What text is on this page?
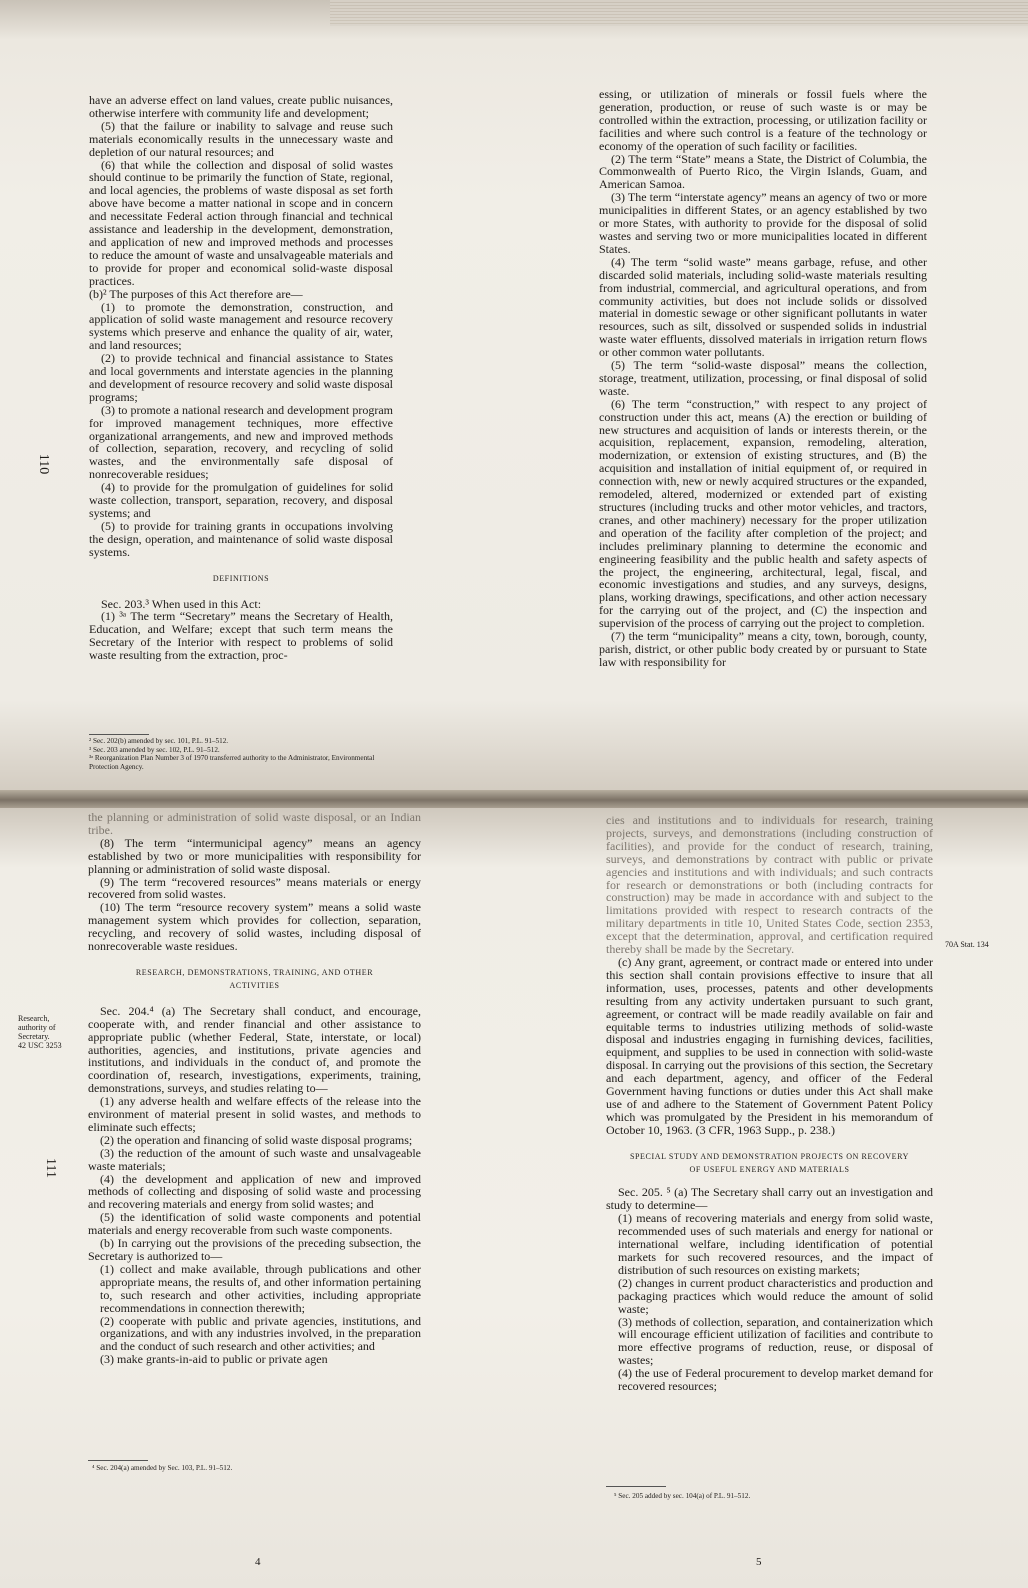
have an adverse effect on land values, create public nuisances, otherwise interfere with community life and development;

(5) that the failure or inability to salvage and reuse such materials economically results in the unnecessary waste and depletion of our natural resources; and

(6) that while the collection and disposal of solid wastes should continue to be primarily the function of State, regional, and local agencies, the problems of waste disposal as set forth above have become a matter national in scope and in concern and necessitate Federal action through financial and technical assistance and leadership in the development, demonstration, and application of new and improved methods and processes to reduce the amount of waste and unsalvageable materials and to provide for proper and economical solid-waste disposal practices.

(b)² The purposes of this Act therefore are—

(1) to promote the demonstration, construction, and application of solid waste management and resource recovery systems which preserve and enhance the quality of air, water, and land resources;

(2) to provide technical and financial assistance to States and local governments and interstate agencies in the planning and development of resource recovery and solid waste disposal programs;

(3) to promote a national research and development program for improved management techniques, more effective organizational arrangements, and new and improved methods of collection, separation, recovery, and recycling of solid wastes, and the environmentally safe disposal of nonrecoverable residues;

(4) to provide for the promulgation of guidelines for solid waste collection, transport, separation, recovery, and disposal systems; and

(5) to provide for training grants in occupations involving the design, operation, and maintenance of solid waste disposal systems.

DEFINITIONS

Sec. 203.³ When used in this Act:

(1) ³ᵃ The term “Secretary” means the Secretary of Health, Education, and Welfare; except that such term means the Secretary of the Interior with respect to problems of solid waste resulting from the extraction, proc-

² Sec. 202(b) amended by sec. 101, P.L. 91–512.
³ Sec. 203 amended by sec. 102, P.L. 91–512.
³ᵃ Reorganization Plan Number 3 of 1970 transferred authority to the Administrator, Environmental Protection Agency.
110

essing, or utilization of minerals or fossil fuels where the generation, production, or reuse of such waste is or may be controlled within the extraction, processing, or utilization facility or facilities and where such control is a feature of the technology or economy of the operation of such facility or facilities.

(2) The term “State” means a State, the District of Columbia, the Commonwealth of Puerto Rico, the Virgin Islands, Guam, and American Samoa.

(3) The term “interstate agency” means an agency of two or more municipalities in different States, or an agency established by two or more States, with authority to provide for the disposal of solid wastes and serving two or more municipalities located in different States.

(4) The term “solid waste” means garbage, refuse, and other discarded solid materials, including solid-waste materials resulting from industrial, commercial, and agricultural operations, and from community activities, but does not include solids or dissolved material in domestic sewage or other significant pollutants in water resources, such as silt, dissolved or suspended solids in industrial waste water effluents, dissolved materials in irrigation return flows or other common water pollutants.

(5) The term “solid-waste disposal” means the collection, storage, treatment, utilization, processing, or final disposal of solid waste.

(6) The term “construction,” with respect to any project of construction under this act, means (A) the erection or building of new structures and acquisition of lands or interests therein, or the acquisition, replacement, expansion, remodeling, alteration, modernization, or extension of existing structures, and (B) the acquisition and installation of initial equipment of, or required in connection with, new or newly acquired structures or the expanded, remodeled, altered, modernized or extended part of existing structures (including trucks and other motor vehicles, and tractors, cranes, and other machinery) necessary for the proper utilization and operation of the facility after completion of the project; and includes preliminary planning to determine the economic and engineering feasibility and the public health and safety aspects of the project, the engineering, architectural, legal, fiscal, and economic investigations and studies, and any surveys, designs, plans, working drawings, specifications, and other action necessary for the carrying out of the project, and (C) the inspection and supervision of the process of carrying out the project to completion.

(7) the term “municipality” means a city, town, borough, county, parish, district, or other public body created by or pursuant to State law with responsibility for

the planning or administration of solid waste disposal, or an Indian tribe.

(8) The term “intermunicipal agency” means an agency established by two or more municipalities with responsibility for planning or administration of solid waste disposal.

(9) The term “recovered resources” means materials or energy recovered from solid wastes.

(10) The term “resource recovery system” means a solid waste management system which provides for collection, separation, recycling, and recovery of solid wastes, including disposal of nonrecoverable waste residues.

RESEARCH, DEMONSTRATIONS, TRAINING, AND OTHER
ACTIVITIES

Sec. 204.⁴ (a) The Secretary shall conduct, and encourage, cooperate with, and render financial and other assistance to appropriate public (whether Federal, State, interstate, or local) authorities, agencies, and institutions, private agencies and institutions, and individuals in the conduct of, and promote the coordination of, research, investigations, experiments, training, demonstrations, surveys, and studies relating to—

(1) any adverse health and welfare effects of the release into the environment of material present in solid wastes, and methods to eliminate such effects;

(2) the operation and financing of solid waste disposal programs;

(3) the reduction of the amount of such waste and unsalvageable waste materials;

(4) the development and application of new and improved methods of collecting and disposing of solid waste and processing and recovering materials and energy from solid wastes; and

(5) the identification of solid waste components and potential materials and energy recoverable from such waste components.

(b) In carrying out the provisions of the preceding subsection, the Secretary is authorized to—

(1) collect and make available, through publications and other appropriate means, the results of, and other information pertaining to, such research and other activities, including appropriate recommendations in connection therewith;

(2) cooperate with public and private agencies, institutions, and organizations, and with any industries involved, in the preparation and the conduct of such research and other activities; and

(3) make grants-in-aid to public or private agen

⁴ Sec. 204(a) amended by Sec. 103, P.L. 91–512.
Research,
authority of
Secretary.
42 USC 3253
111
4

cies and institutions and to individuals for research, training projects, surveys, and demonstrations (including construction of facilities), and provide for the conduct of research, training, surveys, and demonstrations by contract with public or private agencies and institutions and with individuals; and such contracts for research or demonstrations or both (including contracts for construction) may be made in accordance with and subject to the limitations provided with respect to research contracts of the military departments in title 10, United States Code, section 2353, except that the determination, approval, and certification required thereby shall be made by the Secretary.

(c) Any grant, agreement, or contract made or entered into under this section shall contain provisions effective to insure that all information, uses, processes, patents and other developments resulting from any activity undertaken pursuant to such grant, agreement, or contract will be made readily available on fair and equitable terms to industries utilizing methods of solid-waste disposal and industries engaging in furnishing devices, facilities, equipment, and supplies to be used in connection with solid-waste disposal. In carrying out the provisions of this section, the Secretary and each department, agency, and officer of the Federal Government having functions or duties under this Act shall make use of and adhere to the Statement of Government Patent Policy which was promulgated by the President in his memorandum of October 10, 1963. (3 CFR, 1963 Supp., p. 238.)

SPECIAL STUDY AND DEMONSTRATION PROJECTS ON RECOVERY
OF USEFUL ENERGY AND MATERIALS

Sec. 205. ⁵ (a) The Secretary shall carry out an investigation and study to determine—

(1) means of recovering materials and energy from solid waste, recommended uses of such materials and energy for national or international welfare, including identification of potential markets for such recovered resources, and the impact of distribution of such resources on existing markets;

(2) changes in current product characteristics and production and packaging practices which would reduce the amount of solid waste;

(3) methods of collection, separation, and containerization which will encourage efficient utilization of facilities and contribute to more effective programs of reduction, reuse, or disposal of wastes;

(4) the use of Federal procurement to develop market demand for recovered resources;

⁵ Sec. 205 added by sec. 104(a) of P.L. 91–512.
70A Stat. 134
5
